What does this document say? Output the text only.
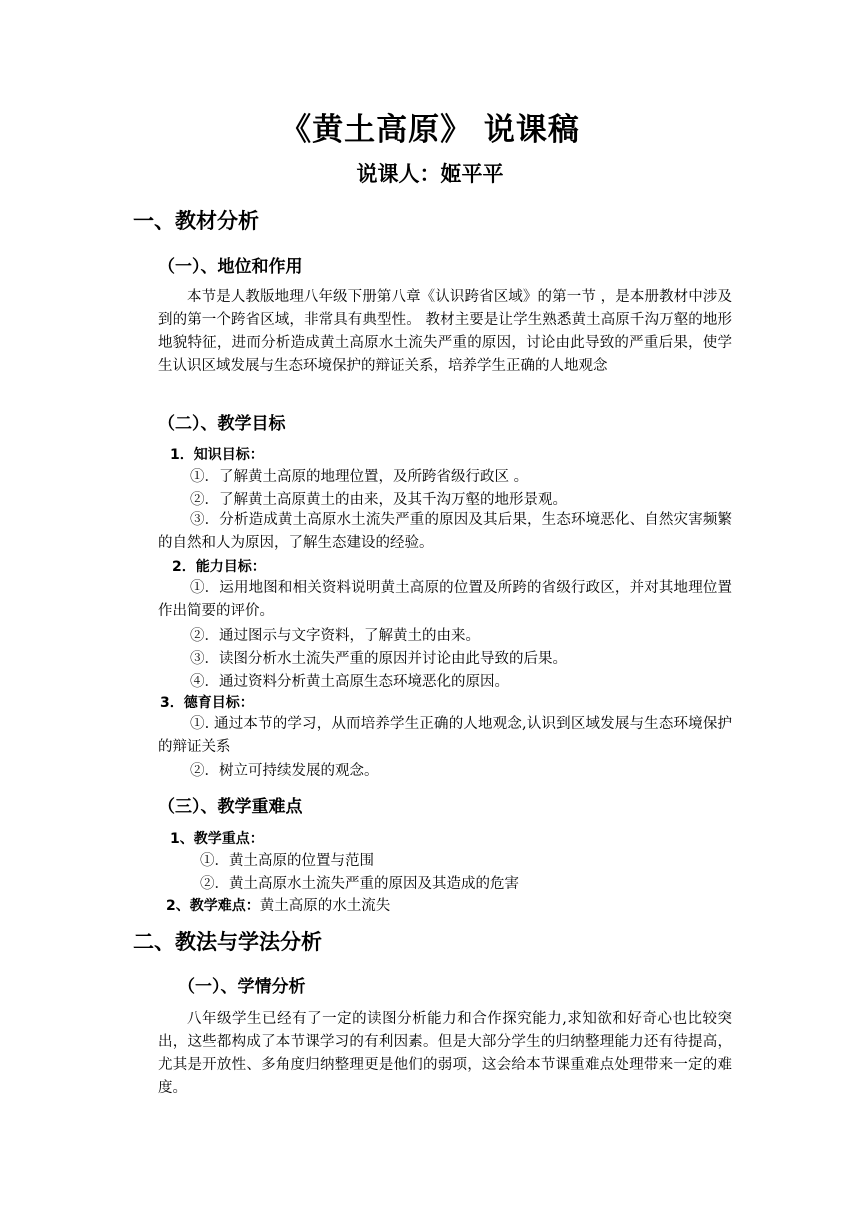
《黄土高原》 说课稿
说课人：姬平平
一、教材分析
（一）、地位和作用
本节是人教版地理八年级下册第八章《认识跨省区域》的第一节 ，是本册教材中涉及到的第一个跨省区域，非常具有典型性。 教材主要是让学生熟悉黄土高原千沟万壑的地形地貌特征，进而分析造成黄土高原水土流失严重的原因，讨论由此导致的严重后果，使学生认识区域发展与生态环境保护的辩证关系，培养学生正确的人地观念
（二）、教学目标
1．知识目标：
①．了解黄土高原的地理位置，及所跨省级行政区 。
②．了解黄土高原黄土的由来，及其千沟万壑的地形景观。
③．分析造成黄土高原水土流失严重的原因及其后果，生态环境恶化、自然灾害频繁的自然和人为原因，了解生态建设的经验。
2．能力目标：
①．运用地图和相关资料说明黄土高原的位置及所跨的省级行政区，并对其地理位置作出简要的评价。
②．通过图示与文字资料，了解黄土的由来。
③．读图分析水土流失严重的原因并讨论由此导致的后果。
④．通过资料分析黄土高原生态环境恶化的原因。
3．德育目标：
①. 通过本节的学习，从而培养学生正确的人地观念,认识到区域发展与生态环境保护的辩证关系
②．树立可持续发展的观念。
（三）、教学重难点
1、教学重点：
①．黄土高原的位置与范围
②．黄土高原水土流失严重的原因及其造成的危害
2、教学难点：黄土高原的水土流失
二、教法与学法分析
（一）、学情分析
八年级学生已经有了一定的读图分析能力和合作探究能力,求知欲和好奇心也比较突出，这些都构成了本节课学习的有利因素。但是大部分学生的归纳整理能力还有待提高，尤其是开放性、多角度归纳整理更是他们的弱项，这会给本节课重难点处理带来一定的难度。
